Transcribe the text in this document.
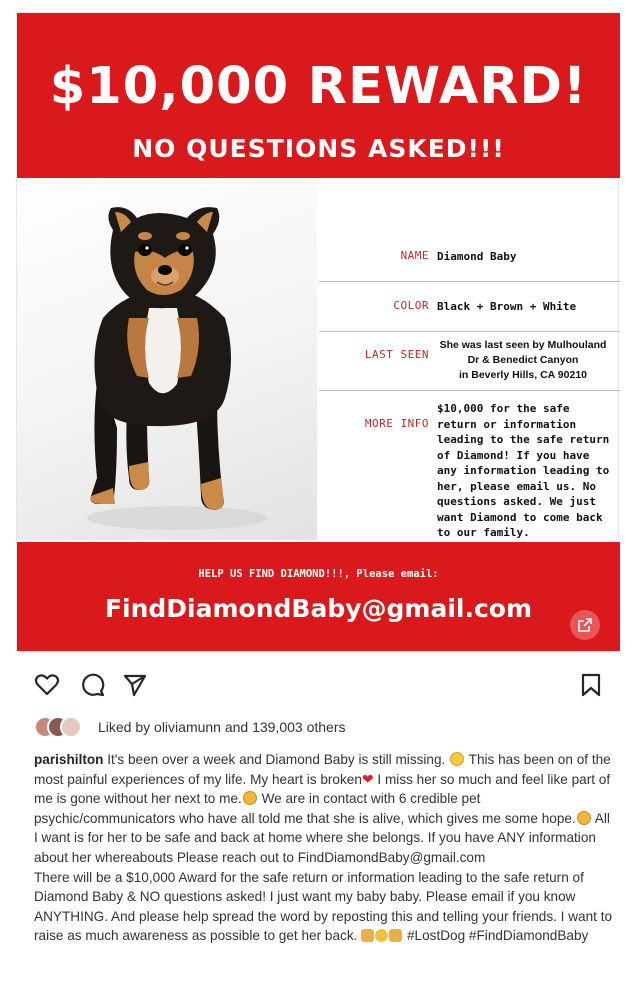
$10,000 REWARD!
NO QUESTIONS ASKED!!!
NAME Diamond Baby
COLOR Black + Brown + White
LAST SEEN
She was last seen by Mulhouland
Dr & Benedict Canyon
in Beverly Hills, CA 90210
MORE INFO
$10,000 for the safe
return or information
leading to the safe return
of Diamond! If you have
any information leading to
her, please email us. No
questions asked. We just
want Diamond to come back
to our family.
HELP US FIND DIAMOND!!!, Please email:
FindDiamondBaby@gmail.com
Liked by oliviamunn and 139,003 others

parishilton It's been over a week and Diamond Baby is still missing.  This has been on of the most painful experiences of my life. My heart is broken❤ I miss her so much and feel like part of me is gone without her next to me. We are in contact with 6 credible pet psychic/communicators who have all told me that she is alive, which gives me some hope. All I want is for her to be safe and back at home where she belongs. If you have ANY information about her whereabouts Please reach out to FindDiamondBaby@gmail.com

There will be a $10,000 Award for the safe return or information leading to the safe return of Diamond Baby & NO questions asked! I just want my baby baby. Please email if you know ANYTHING. And please help spread the word by reposting this and telling your friends. I want to raise as much awareness as possible to get her back.	#LostDog #FindDiamondBaby
